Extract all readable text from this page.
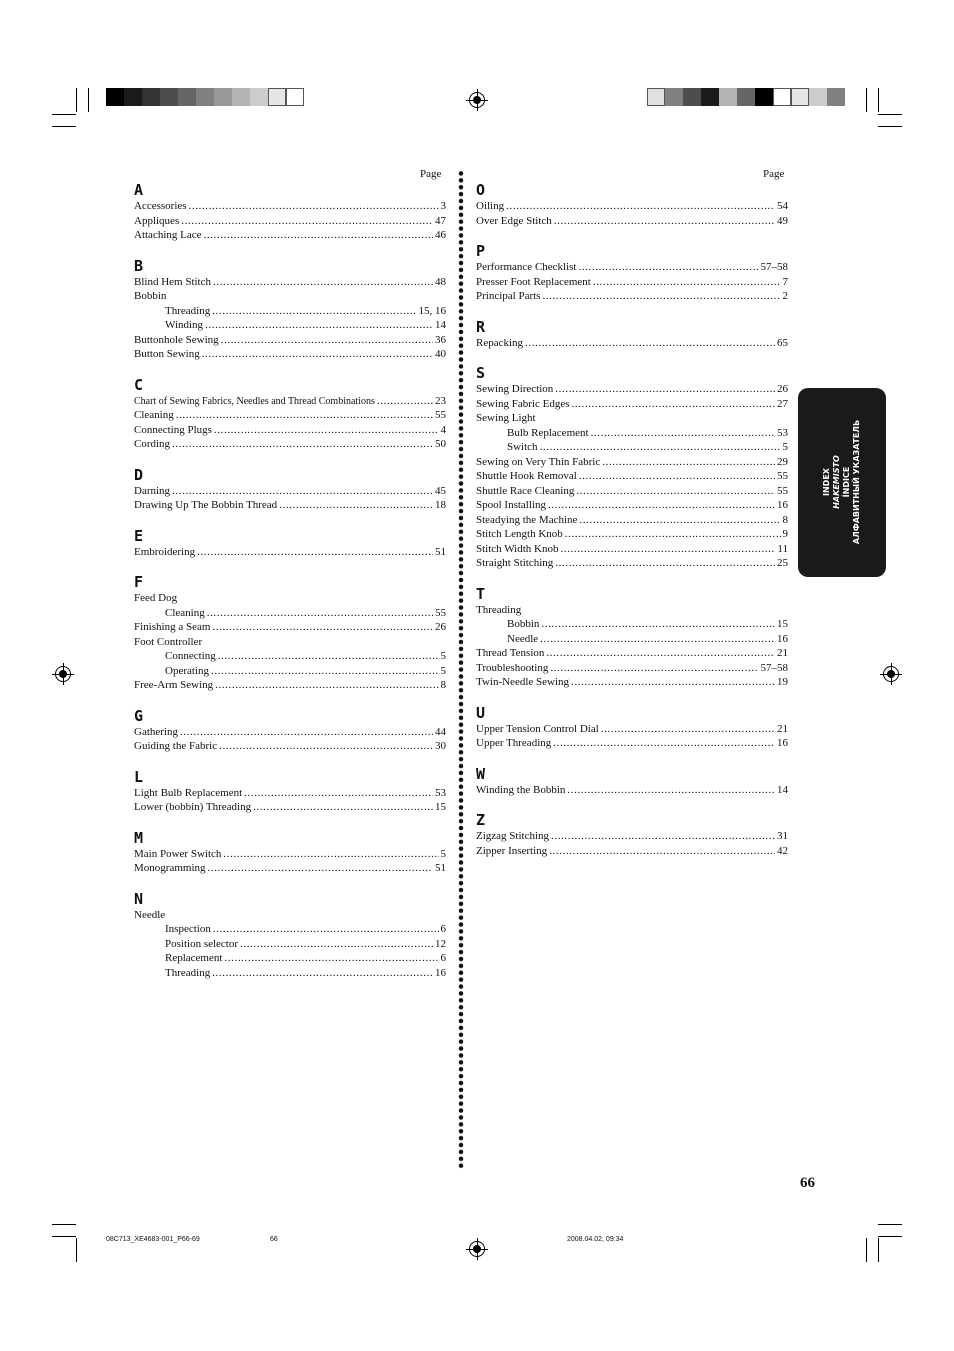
Page	Page
A
Accessories .....	3
Appliques .....	47
Attaching Lace .....	46
B
Blind Hem Stitch .....	48
Bobbin
Threading .....	15, 16
Winding .....	14
Buttonhole Sewing .....	36
Button Sewing .....	40
C
Chart of Sewing Fabrics, Needles and Thread Combinations .....	23
Cleaning .....	55
Connecting Plugs .....	4
Cording .....	50
D
Darning .....	45
Drawing Up The Bobbin Thread .....	18
E
Embroidering .....	51
F
Feed Dog
Cleaning .....	55
Finishing a Seam .....	26
Foot Controller
Connecting .....	5
Operating .....	5
Free-Arm Sewing .....	8
G
Gathering .....	44
Guiding the Fabric .....	30
L
Light Bulb Replacement .....	53
Lower (bobbin) Threading .....	15
M
Main Power Switch .....	5
Monogramming .....	51
N
Needle
Inspection .....	6
Position selector .....	12
Replacement .....	6
Threading .....	16
O
Oiling .....	54
Over Edge Stitch .....	49
P
Performance Checklist .....	57–58
Presser Foot Replacement .....	7
Principal Parts .....	2
R
Repacking .....	65
S
Sewing Direction .....	26
Sewing Fabric Edges .....	27
Sewing Light
Bulb Replacement .....	53
Switch .....	5
Sewing on Very Thin Fabric .....	29
Shuttle Hook Removal .....	55
Shuttle Race Cleaning .....	55
Spool Installing .....	16
Steadying the Machine .....	8
Stitch Length Knob .....	9
Stitch Width Knob .....	11
Straight Stitching .....	25
T
Threading
Bobbin .....	15
Needle .....	16
Thread Tension .....	21
Troubleshooting .....	57–58
Twin-Needle Sewing .....	19
U
Upper Tension Control Dial .....	21
Upper Threading .....	16
W
Winding the Bobbin .....	14
Z
Zigzag Stitching .....	31
Zipper Inserting .....	42
INDEX HAKEMISTO ÍNDICE АЛФАВИТНЫЙ УКАЗАТЕЛЬ
66
08C713_XE4683-001_P66-69	66	2008.04.02, 09:34
